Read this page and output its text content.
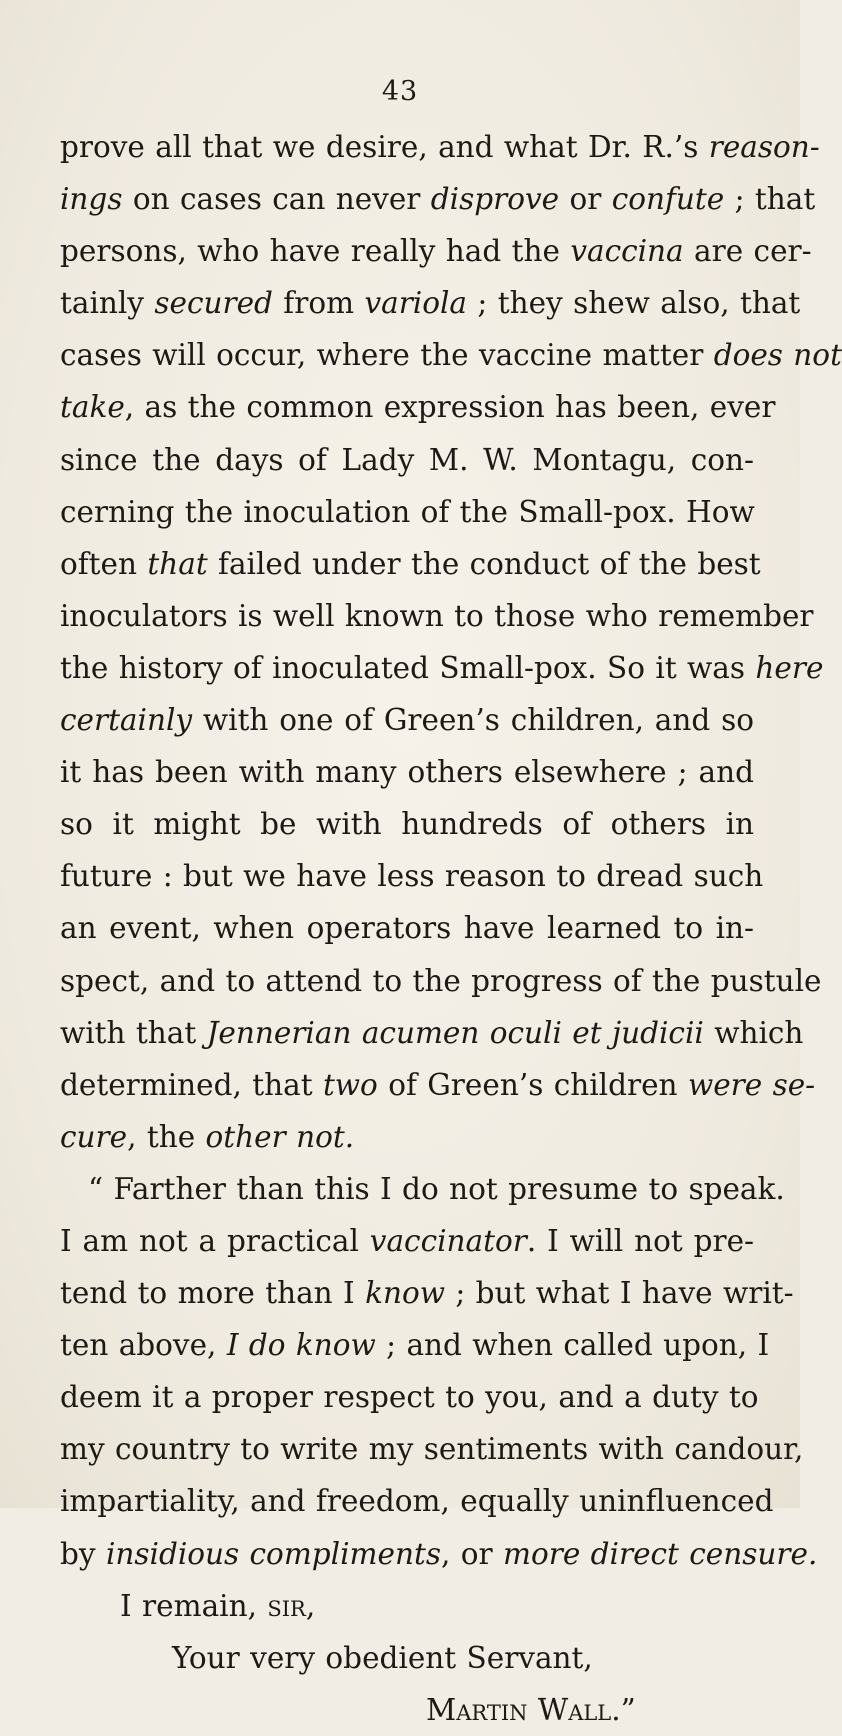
43
prove all that we desire, and what Dr. R.’s reason-
ings on cases can never disprove or confute ; that
persons, who have really had the vaccina are cer-
tainly secured from variola ; they shew also, that
cases will occur, where the vaccine matter does not
take, as the common expression has been, ever
since the days of Lady M. W. Montagu, con-
cerning the inoculation of the Small-pox. How
often that failed under the conduct of the best
inoculators is well known to those who remember
the history of inoculated Small-pox. So it was here
certainly with one of Green’s children, and so
it has been with many others elsewhere ; and
so it might be with hundreds of others in
future : but we have less reason to dread such
an event, when operators have learned to in-
spect, and to attend to the progress of the pustule
with that Jennerian acumen oculi et judicii which
determined, that two of Green’s children were se-
cure, the other not.
“ Farther than this I do not presume to speak.
I am not a practical vaccinator. I will not pre-
tend to more than I know ; but what I have writ-
ten above, I do know ; and when called upon, I
deem it a proper respect to you, and a duty to
my country to write my sentiments with candour,
impartiality, and freedom, equally uninfluenced
by insidious compliments, or more direct censure.
I remain, sir,
Your very obedient Servant,
Martin Wall.”
